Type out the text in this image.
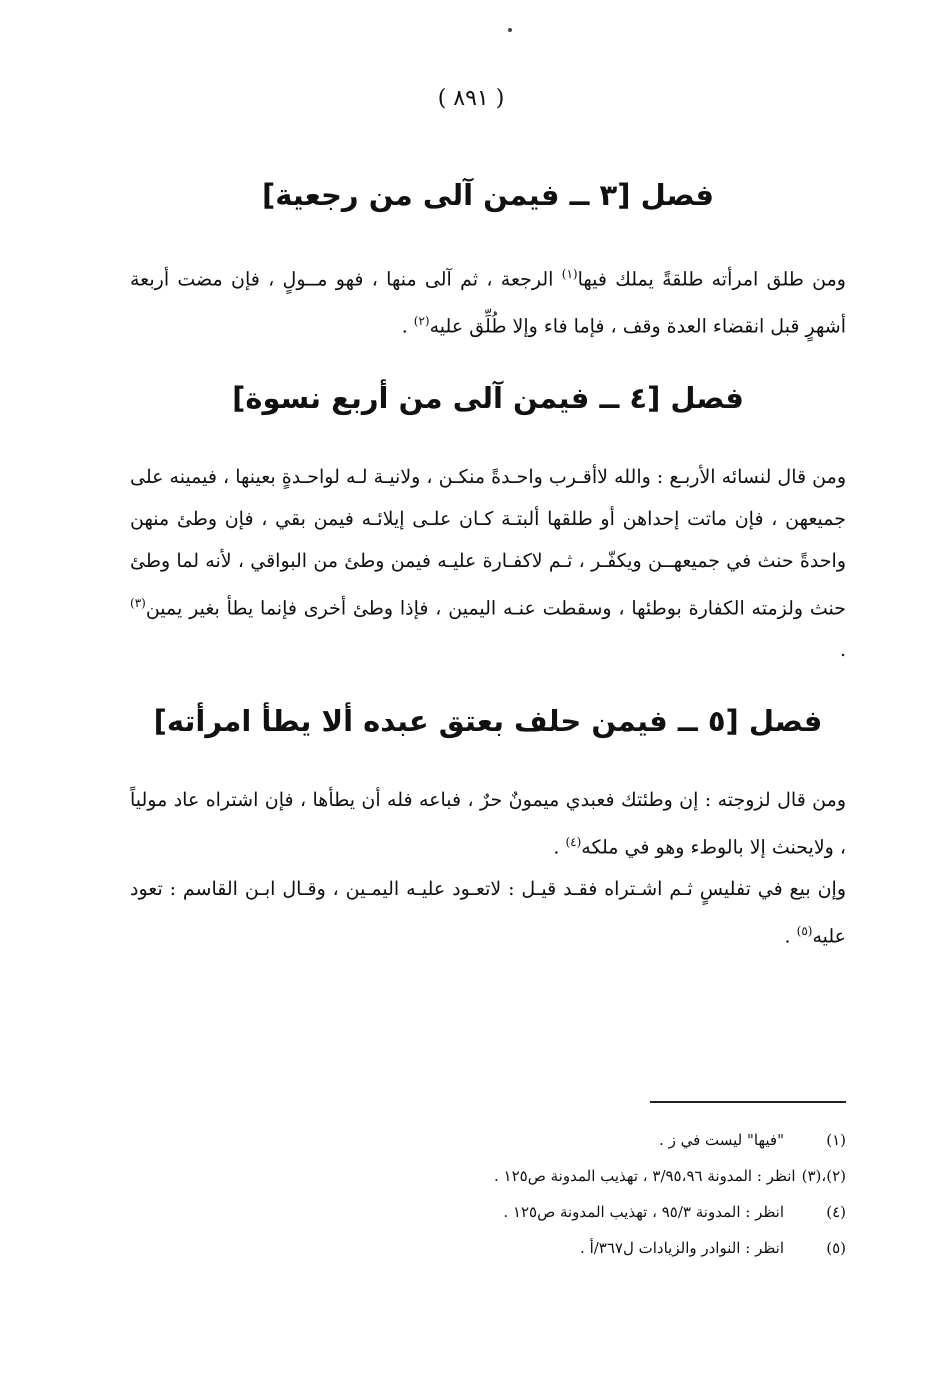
( ٨٩١ )
فصل [٣ ــ فيمن آلى من رجعية]

ومن طلق امرأته طلقةً يملك فيها$^{(١)}$ الرجعة ، ثم آلى منها ، فهو مــولٍ ، فإن مضت أربعة أشهرٍ قبل انقضاء العدة وقف ، فإما فاء وإلا طُلِّق عليه$^{(٢)}$ .

فصل [٤ ــ فيمن آلى من أربع نسوة]

ومن قال لنسائه الأربـع : والله لاأقـرب واحـدةً منكـن ، ولانيـة لـه لواحـدةٍ بعينها ، فيمينه على جميعهن ، فإن ماتت إحداهن أو طلقها ألبتـة كـان علـى إيلائـه فيمن بقي ، فإن وطئ منهن واحدةً حنث في جميعهــن ويكفّـر ، ثـم لاكفـارة عليـه فيمن وطئ من البواقي ، لأنه لما وطئ حنث ولزمته الكفارة بوطئها ، وسقطت عنـه اليمين ، فإذا وطئ أخرى فإنما يطأ بغير يمين$^{(٣)}$ .

فصل [٥ ــ فيمن حلف بعتق عبده ألا يطأ امرأته]

ومن قال لزوجته : إن وطئتك فعبدي ميمونٌ حرٌ ، فباعه فله أن يطأها ، فإن اشتراه عاد مولياً ، ولايحنث إلا بالوطء وهو في ملكه$^{(٤)}$ .

وإن بيع في تفليسٍ ثـم اشـتراه فقـد قيـل : لاتعـود عليـه اليمـين ، وقـال ابـن القاسم : تعود عليه$^{(٥)}$ .

(١)
"فيها" ليست في ز .
(٢)،(٣)
انظر : المدونة ٣/٩٥،٩٦ ، تهذيب المدونة ص١٢٥ .
(٤)
انظر : المدونة ٩٥/٣ ، تهذيب المدونة ص١٢٥ .
(٥)
انظر : النوادر والزيادات ل٣٦٧/أ .
